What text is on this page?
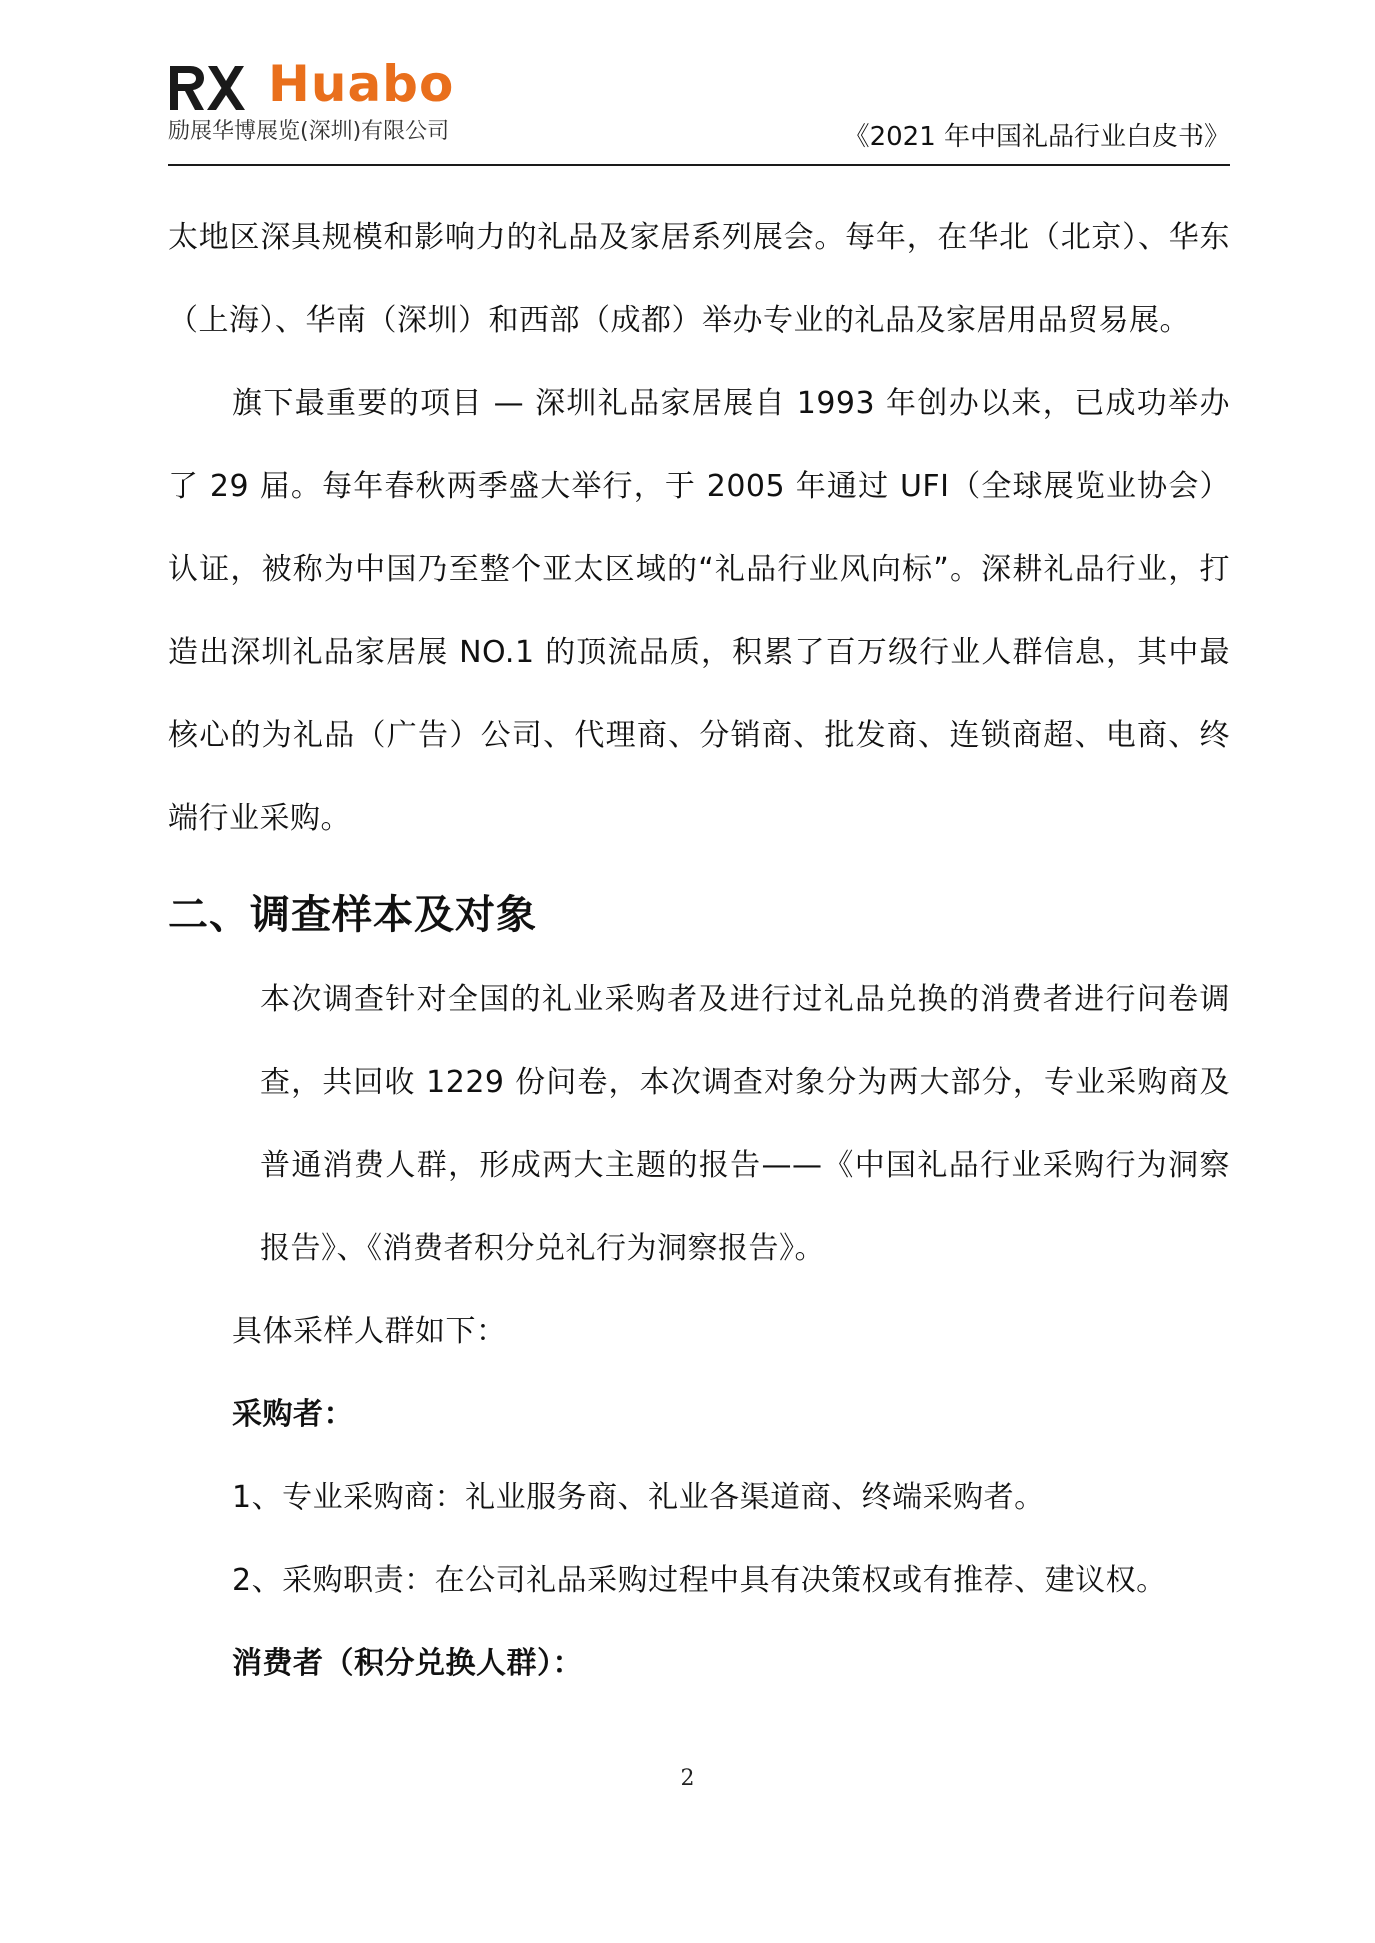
Huabo
励展华博展览(深圳)有限公司	《2021 年中国礼品行业白皮书》

太地区深具规模和影响力的礼品及家居系列展会。每年，在华北（北京）、华东（上海）、华南（深圳）和西部（成都）举办专业的礼品及家居用品贸易展。

旗下最重要的项目 — 深圳礼品家居展自 1993 年创办以来，已成功举办了 29 届。每年春秋两季盛大举行，于 2005 年通过 UFI（全球展览业协会）认证，被称为中国乃至整个亚太区域的“礼品行业风向标”。深耕礼品行业，打造出深圳礼品家居展 NO.1 的顶流品质，积累了百万级行业人群信息，其中最核心的为礼品（广告）公司、代理商、分销商、批发商、连锁商超、电商、终端行业采购。

二、调查样本及对象

本次调查针对全国的礼业采购者及进行过礼品兑换的消费者进行问卷调查，共回收 1229 份问卷，本次调查对象分为两大部分，专业采购商及普通消费人群，形成两大主题的报告——《中国礼品行业采购行为洞察报告》、《消费者积分兑礼行为洞察报告》。

具体采样人群如下：

采购者：

1、专业采购商：礼业服务商、礼业各渠道商、终端采购者。

2、采购职责：在公司礼品采购过程中具有决策权或有推荐、建议权。

消费者（积分兑换人群）：

2
